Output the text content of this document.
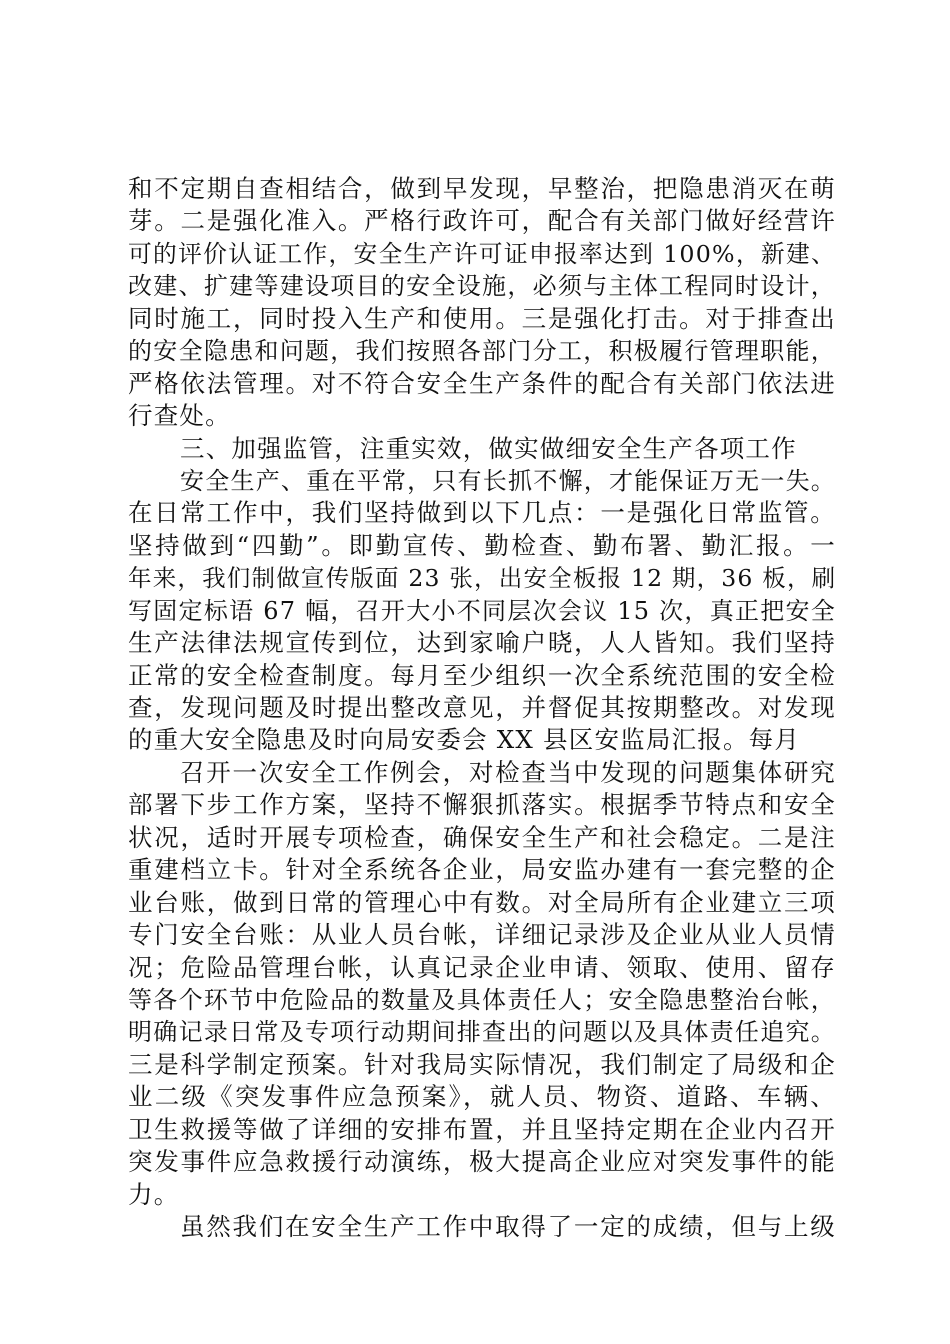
和不定期自查相结合，做到早发现，早整治，把隐患消灭在萌
芽。二是强化准入。严格行政许可，配合有关部门做好经营许
可的评价认证工作，安全生产许可证申报率达到 100%，新建、
改建、扩建等建设项目的安全设施，必须与主体工程同时设计，
同时施工，同时投入生产和使用。三是强化打击。对于排查出
的安全隐患和问题，我们按照各部门分工，积极履行管理职能，
严格依法管理。对不符合安全生产条件的配合有关部门依法进
行查处。
三、加强监管，注重实效，做实做细安全生产各项工作
安全生产、重在平常，只有长抓不懈，才能保证万无一失。
在日常工作中，我们坚持做到以下几点：一是强化日常监管。
坚持做到“四勤”。即勤宣传、勤检查、勤布署、勤汇报。一
年来，我们制做宣传版面 23 张，出安全板报 12 期，36 板，刷
写固定标语 67 幅，召开大小不同层次会议 15 次，真正把安全
生产法律法规宣传到位，达到家喻户晓，人人皆知。我们坚持
正常的安全检查制度。每月至少组织一次全系统范围的安全检
查，发现问题及时提出整改意见，并督促其按期整改。对发现
的重大安全隐患及时向局安委会 XX 县区安监局汇报。每月
召开一次安全工作例会，对检查当中发现的问题集体研究
部署下步工作方案，坚持不懈狠抓落实。根据季节特点和安全
状况，适时开展专项检查，确保安全生产和社会稳定。二是注
重建档立卡。针对全系统各企业，局安监办建有一套完整的企
业台账，做到日常的管理心中有数。对全局所有企业建立三项
专门安全台账：从业人员台帐，详细记录涉及企业从业人员情
况；危险品管理台帐，认真记录企业申请、领取、使用、留存
等各个环节中危险品的数量及具体责任人；安全隐患整治台帐，
明确记录日常及专项行动期间排查出的问题以及具体责任追究。
三是科学制定预案。针对我局实际情况，我们制定了局级和企
业二级《突发事件应急预案》，就人员、物资、道路、车辆、
卫生救援等做了详细的安排布置，并且坚持定期在企业内召开
突发事件应急救援行动演练，极大提高企业应对突发事件的能
力。
虽然我们在安全生产工作中取得了一定的成绩，但与上级
